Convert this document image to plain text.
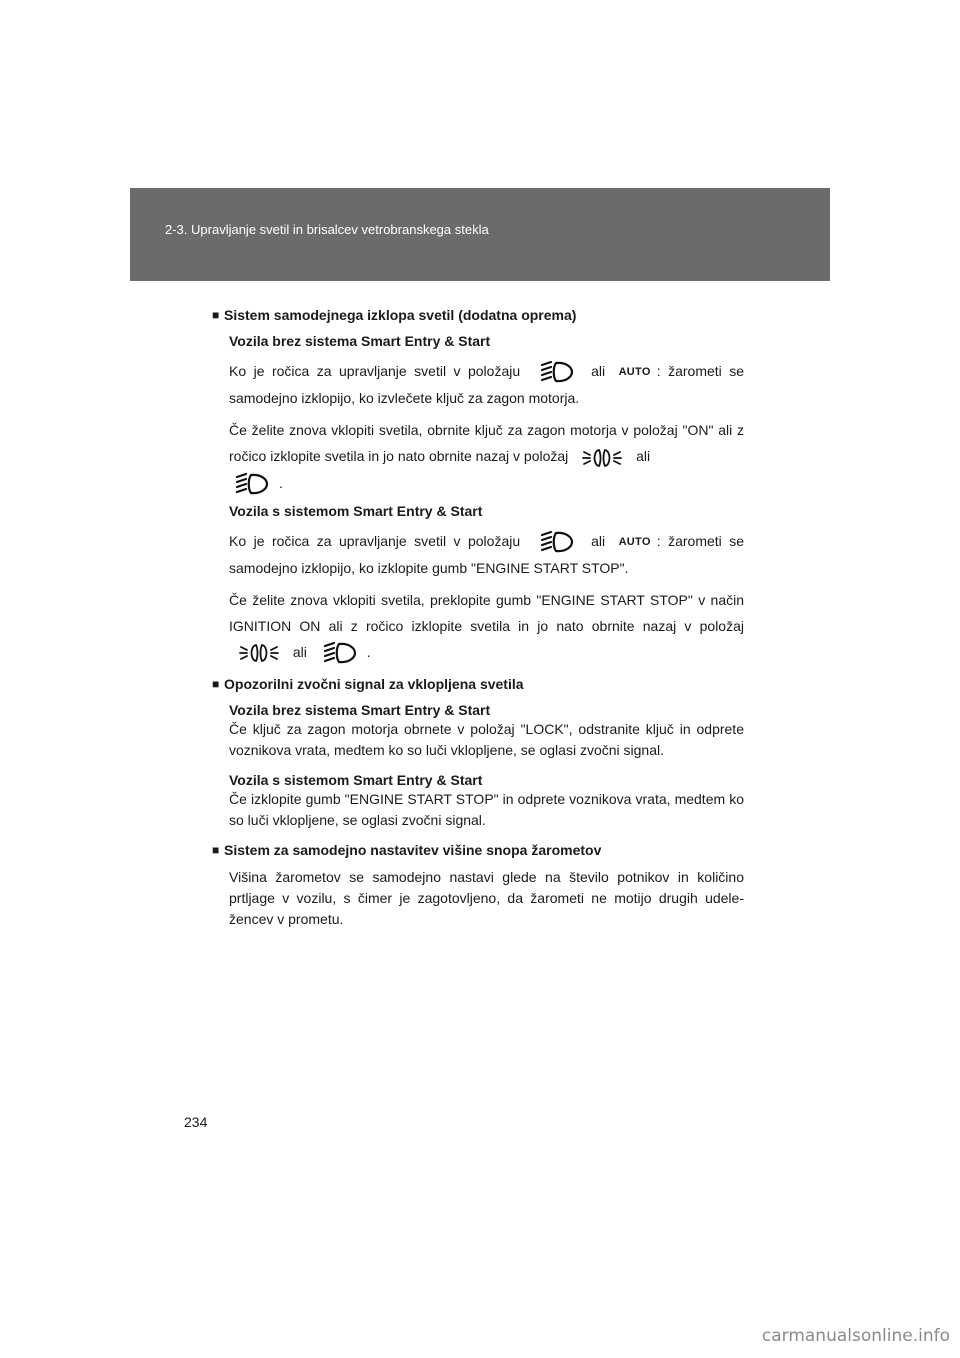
2-3. Upravljanje svetil in brisalcev vetrobranskega stekla
■ Sistem samodejnega izklopa svetil (dodatna oprema)
Vozila brez sistema Smart Entry & Start
Ko je ročica za upravljanje svetil v položaju	ali AUTO : žarometi se samodejno izklopijo, ko izvlečete ključ za zagon motorja.
Če želite znova vklopiti svetila, obrnite ključ za zagon motorja v položaj "ON" ali z ročico izklopite svetila in jo nato obrnite nazaj v položaj	ali
.
Vozila s sistemom Smart Entry & Start
Ko je ročica za upravljanje svetil v položaju	ali AUTO : žarometi se samodejno izklopijo, ko izklopite gumb "ENGINE START STOP".
Če želite znova vklopiti svetila, preklopite gumb "ENGINE START STOP" v način IGNITION ON ali z ročico izklopite svetila in jo nato obrnite nazaj v položaj  ali	.
■ Opozorilni zvočni signal za vklopljena svetila
Vozila brez sistema Smart Entry & Start
Če ključ za zagon motorja obrnete v položaj "LOCK", odstranite ključ in odprete voznikova vrata, medtem ko so luči vklopljene, se oglasi zvočni signal.
Vozila s sistemom Smart Entry & Start
Če izklopite gumb "ENGINE START STOP" in odprete voznikova vrata, medtem ko so luči vklopljene, se oglasi zvočni signal.
■ Sistem za samodejno nastavitev višine snopa žarometov
Višina žarometov se samodejno nastavi glede na število potnikov in količino prtljage v vozilu, s čimer je zagotovljeno, da žarometi ne motijo drugih udele-žencev v prometu.
234
carmanualsonline.info
